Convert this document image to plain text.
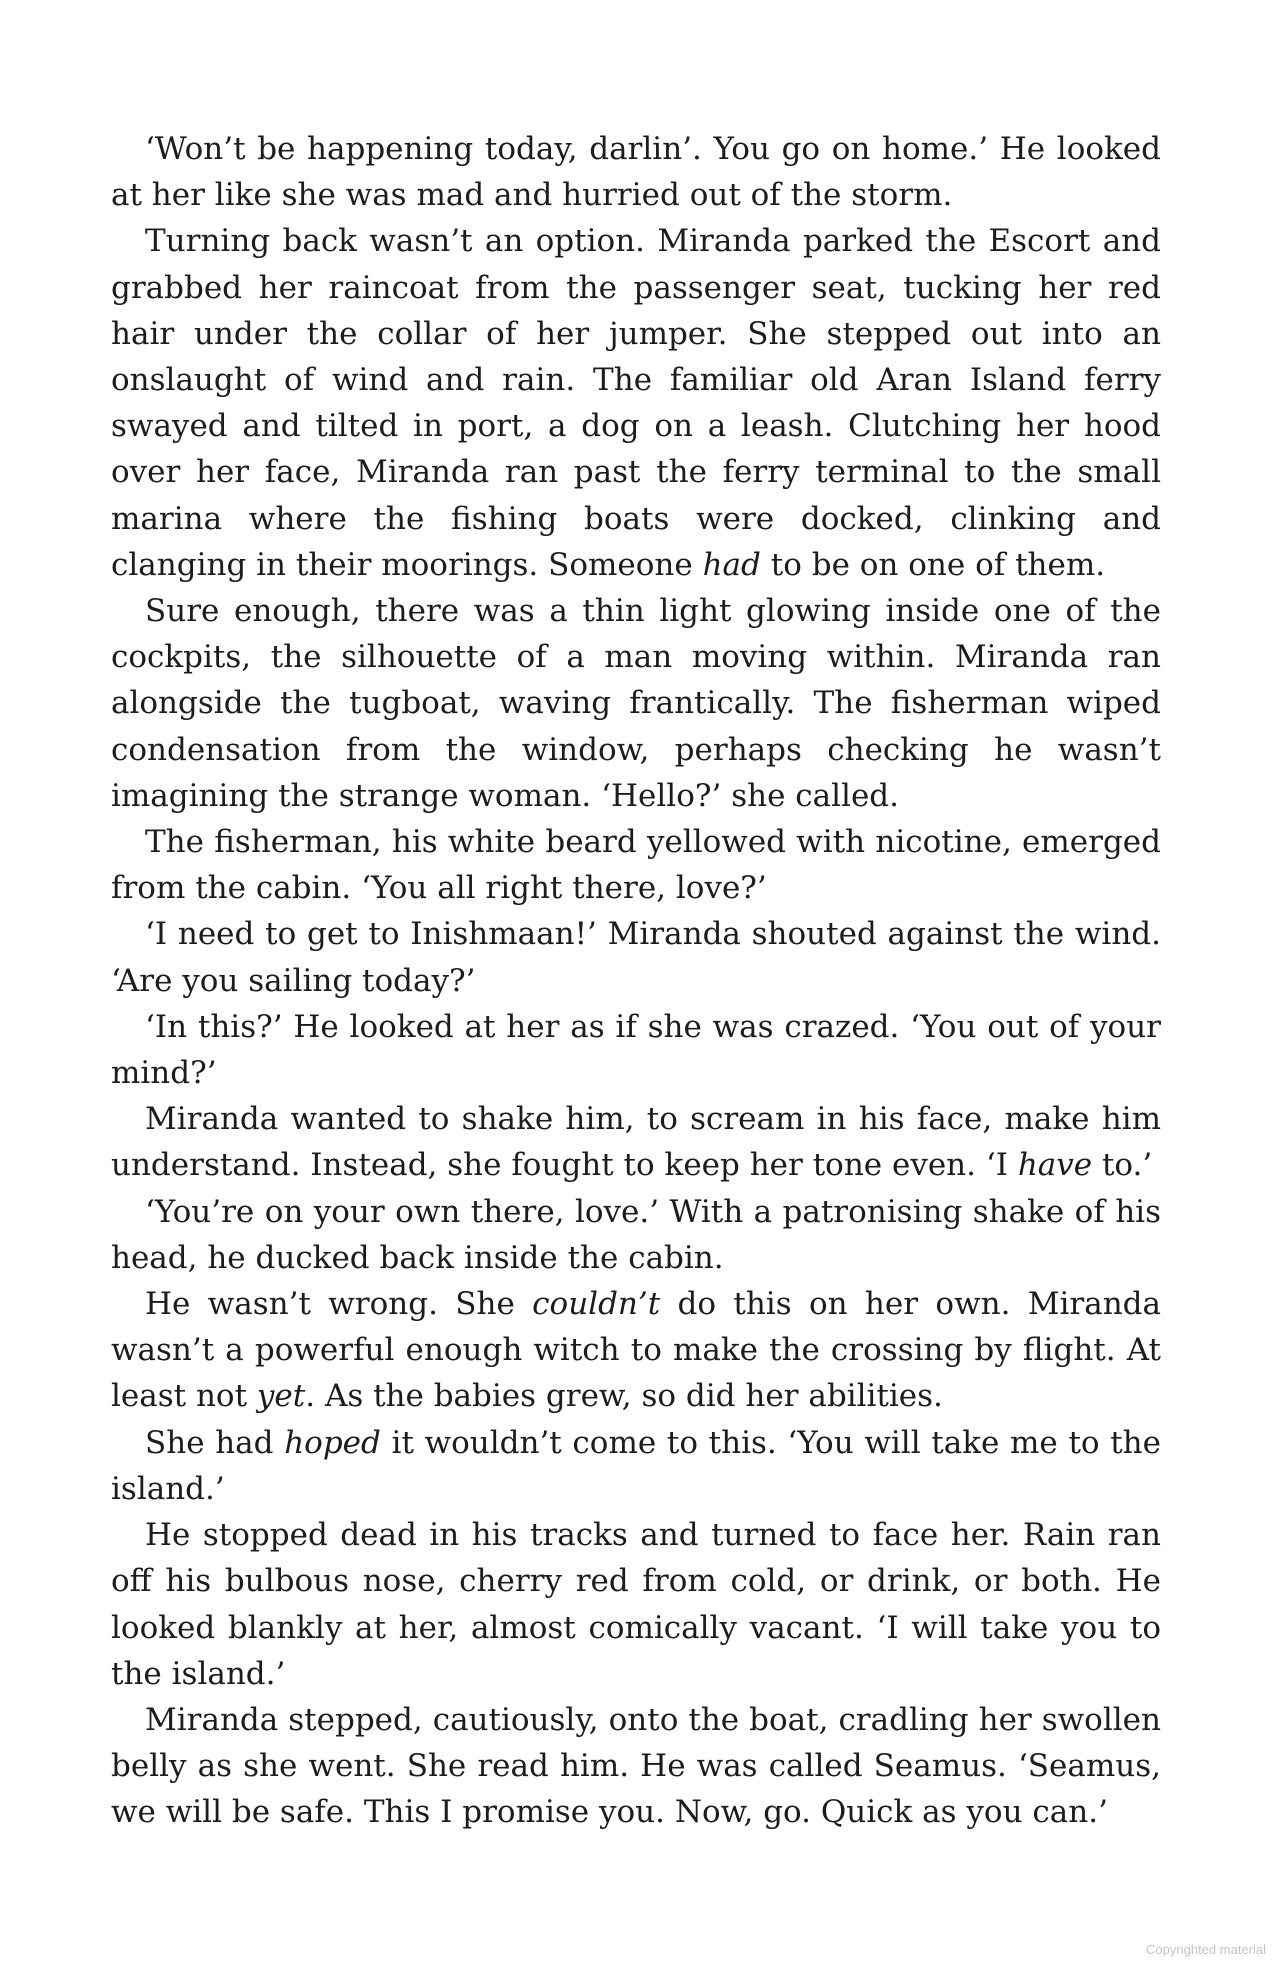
‘Won’t be happening today, darlin’. You go on home.’ He looked at her like she was mad and hurried out of the storm.

Turning back wasn’t an option. Miranda parked the Escort and grabbed her raincoat from the passenger seat, tucking her red hair under the collar of her jumper. She stepped out into an onslaught of wind and rain. The familiar old Aran Island ferry swayed and tilted in port, a dog on a leash. Clutching her hood over her face, Miranda ran past the ferry terminal to the small marina where the fishing boats were docked, clinking and clanging in their moorings. Someone had to be on one of them.

Sure enough, there was a thin light glowing inside one of the cockpits, the silhouette of a man moving within. Miranda ran alongside the tugboat, waving frantically. The fisherman wiped condensation from the window, perhaps checking he wasn’t imagining the strange woman. ‘Hello?’ she called.

The fisherman, his white beard yellowed with nicotine, emerged from the cabin. ‘You all right there, love?’

‘I need to get to Inishmaan!’ Miranda shouted against the wind. ‘Are you sailing today?’

‘In this?’ He looked at her as if she was crazed. ‘You out of your mind?’

Miranda wanted to shake him, to scream in his face, make him understand. Instead, she fought to keep her tone even. ‘I have to.’

‘You’re on your own there, love.’ With a patronising shake of his head, he ducked back inside the cabin.

He wasn’t wrong. She couldn’t do this on her own. Miranda wasn’t a powerful enough witch to make the crossing by flight. At least not yet. As the babies grew, so did her abilities.

She had hoped it wouldn’t come to this. ‘You will take me to the island.’

He stopped dead in his tracks and turned to face her. Rain ran off his bulbous nose, cherry red from cold, or drink, or both. He looked blankly at her, almost comically vacant. ‘I will take you to the island.’

Miranda stepped, cautiously, onto the boat, cradling her swollen belly as she went. She read him. He was called Seamus. ‘Seamus, we will be safe. This I promise you. Now, go. Quick as you can.’

Copyrighted material
